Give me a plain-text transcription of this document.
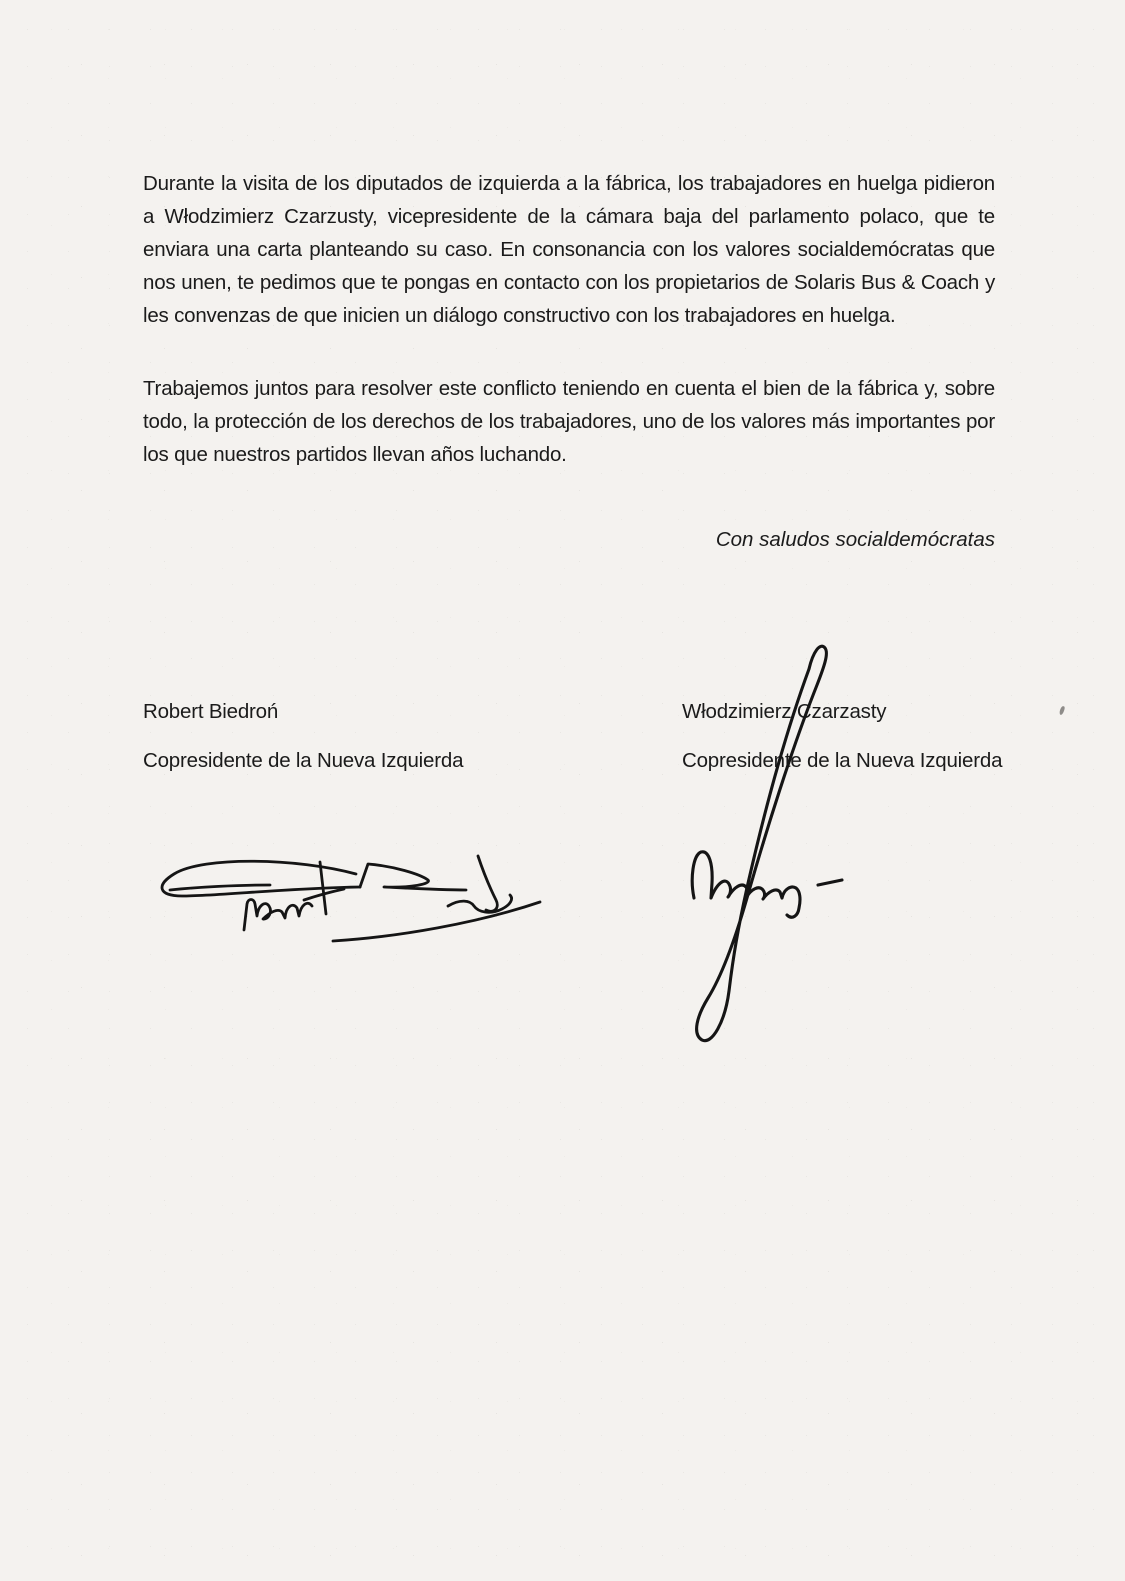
Durante la visita de los diputados de izquierda a la fábrica, los trabajadores en huelga pidieron a Włodzimierz Czarzusty, vicepresidente de la cámara baja del parlamento polaco, que te enviara una carta planteando su caso. En consonancia con los valores socialdemócratas que nos unen, te pedimos que te pongas en contacto con los propietarios de Solaris Bus & Coach y les convenzas de que inicien un diálogo constructivo con los trabajadores en huelga.

Trabajemos juntos para resolver este conflicto teniendo en cuenta el bien de la fábrica y, sobre todo, la protección de los derechos de los trabajadores, uno de los valores más importantes por los que nuestros partidos llevan años luchando.

Con saludos socialdemócratas

Robert Biedroń

Copresidente de la Nueva Izquierda

Włodzimierz Czarzasty

Copresidente de la Nueva Izquierda
